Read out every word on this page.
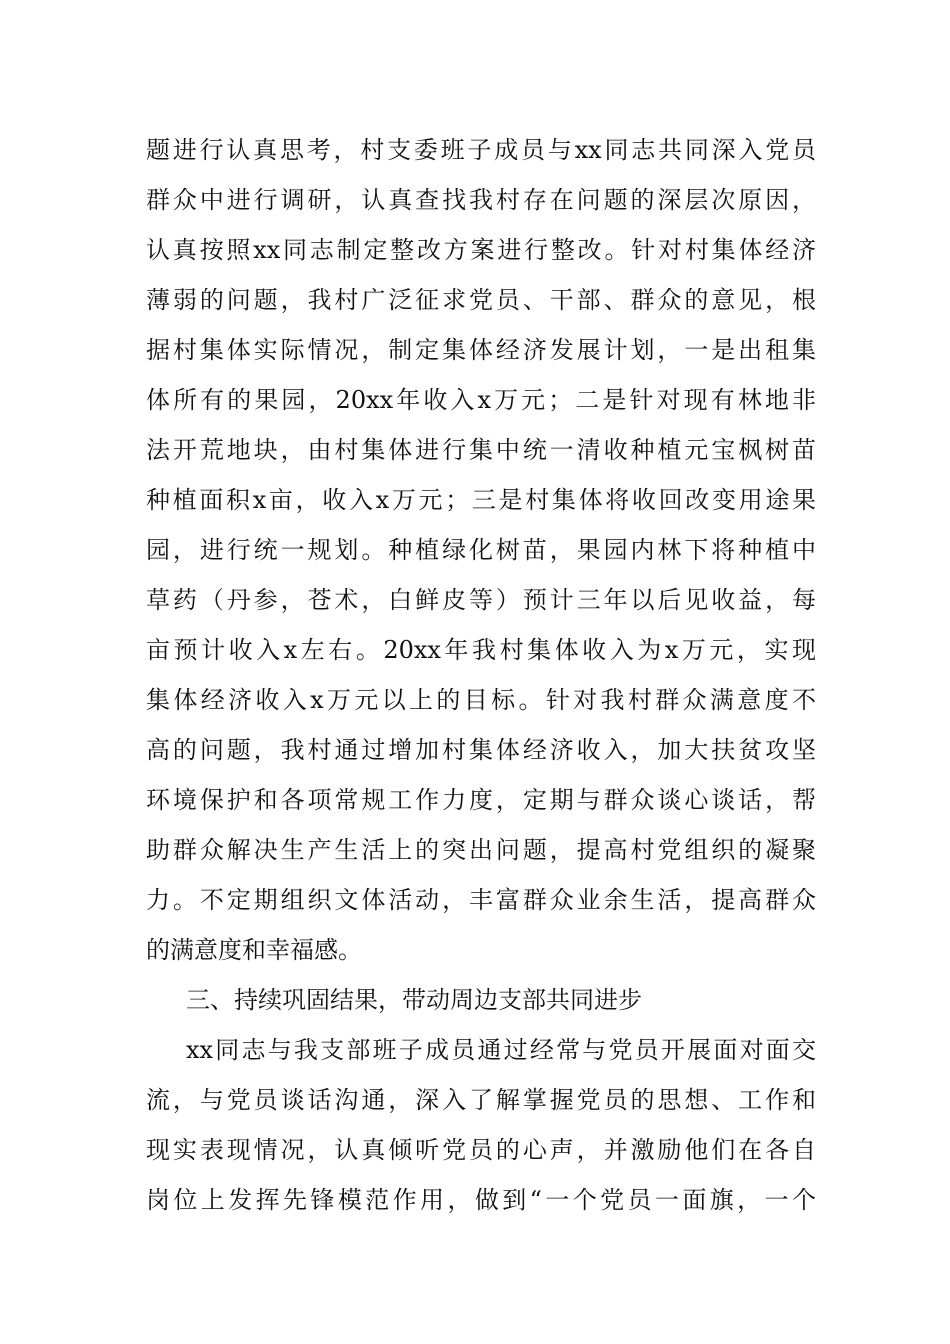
题进行认真思考，村支委班子成员与xx同志共同深入党员
群众中进行调研，认真查找我村存在问题的深层次原因，
认真按照xx同志制定整改方案进行整改。针对村集体经济
薄弱的问题，我村广泛征求党员、干部、群众的意见，根
据村集体实际情况，制定集体经济发展计划，一是出租集
体所有的果园，20xx年收入x万元；二是针对现有林地非
法开荒地块，由村集体进行集中统一清收种植元宝枫树苗
种植面积x亩，收入x万元；三是村集体将收回改变用途果
园，进行统一规划。种植绿化树苗，果园内林下将种植中
草药（丹参，苍术，白鲜皮等）预计三年以后见收益，每
亩预计收入x左右。20xx年我村集体收入为x万元，实现
集体经济收入x万元以上的目标。针对我村群众满意度不
高的问题，我村通过增加村集体经济收入，加大扶贫攻坚
环境保护和各项常规工作力度，定期与群众谈心谈话，帮
助群众解决生产生活上的突出问题，提高村党组织的凝聚
力。不定期组织文体活动，丰富群众业余生活，提高群众
的满意度和幸福感。
三、持续巩固结果，带动周边支部共同进步
xx同志与我支部班子成员通过经常与党员开展面对面交
流，与党员谈话沟通，深入了解掌握党员的思想、工作和
现实表现情况，认真倾听党员的心声，并激励他们在各自
岗位上发挥先锋模范作用，做到“一个党员一面旗，一个
